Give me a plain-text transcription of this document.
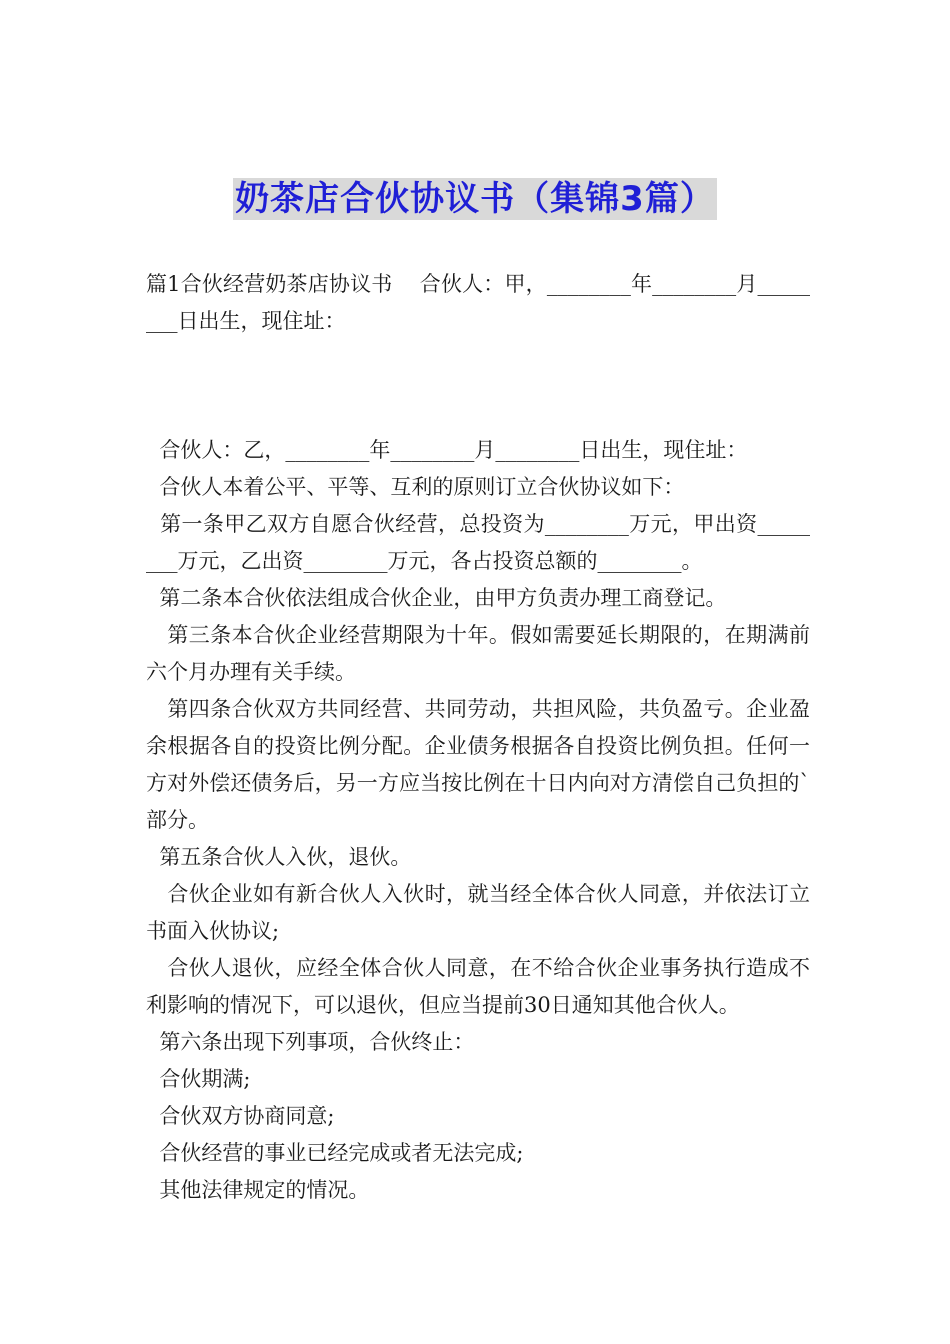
奶茶店合伙协议书（集锦3篇）

篇1合伙经营奶茶店协议书    合伙人：甲，________年________月________日出生，现住址：

合伙人：乙，________年________月________日出生，现住址：

合伙人本着公平、平等、互利的原则订立合伙协议如下：

第一条甲乙双方自愿合伙经营，总投资为________万元，甲出资________万元，乙出资________万元，各占投资总额的________。

第二条本合伙依法组成合伙企业，由甲方负责办理工商登记。

第三条本合伙企业经营期限为十年。假如需要延长期限的，在期满前六个月办理有关手续。

第四条合伙双方共同经营、共同劳动，共担风险，共负盈亏。企业盈余根据各自的投资比例分配。企业债务根据各自投资比例负担。任何一方对外偿还债务后，另一方应当按比例在十日内向对方清偿自己负担的`部分。

第五条合伙人入伙，退伙。

合伙企业如有新合伙人入伙时，就当经全体合伙人同意，并依法订立书面入伙协议;

合伙人退伙，应经全体合伙人同意，在不给合伙企业事务执行造成不利影响的情况下，可以退伙，但应当提前30日通知其他合伙人。

第六条出现下列事项，合伙终止：

合伙期满;

合伙双方协商同意;

合伙经营的事业已经完成或者无法完成;

其他法律规定的情况。
